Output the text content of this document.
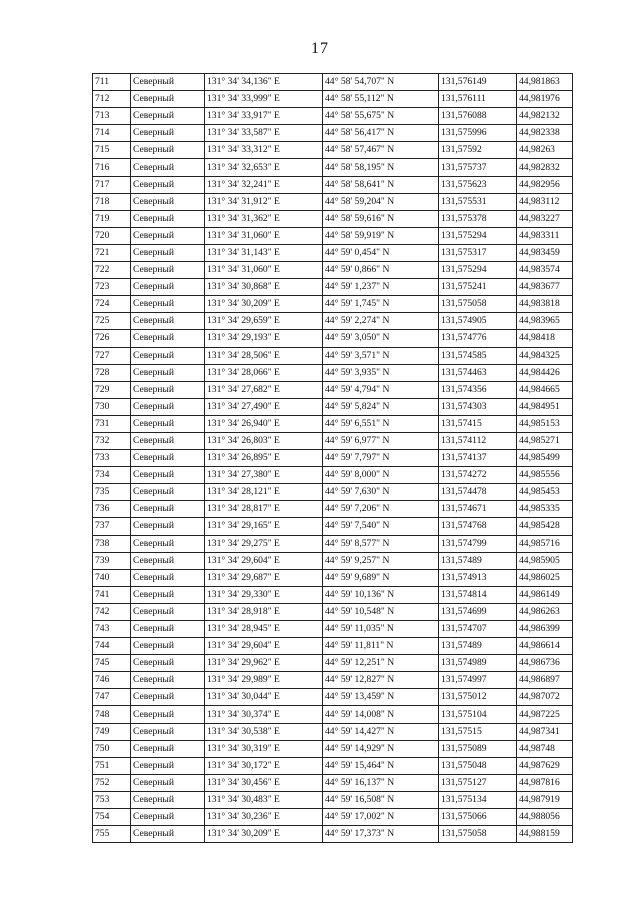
17
711	Северный	131° 34' 34,136" E	44° 58' 54,707" N	131,576149	44,981863
712	Северный	131° 34' 33,999" E	44° 58' 55,112" N	131,576111	44,981976
713	Северный	131° 34' 33,917" E	44° 58' 55,675" N	131,576088	44,982132
714	Северный	131° 34' 33,587" E	44° 58' 56,417" N	131,575996	44,982338
715	Северный	131° 34' 33,312" E	44° 58' 57,467" N	131,57592	44,98263
716	Северный	131° 34' 32,653" E	44° 58' 58,195" N	131,575737	44,982832
717	Северный	131° 34' 32,241" E	44° 58' 58,641" N	131,575623	44,982956
718	Северный	131° 34' 31,912" E	44° 58' 59,204" N	131,575531	44,983112
719	Северный	131° 34' 31,362" E	44° 58' 59,616" N	131,575378	44,983227
720	Северный	131° 34' 31,060" E	44° 58' 59,919" N	131,575294	44,983311
721	Северный	131° 34' 31,143" E	44° 59' 0,454" N	131,575317	44,983459
722	Северный	131° 34' 31,060" E	44° 59' 0,866" N	131,575294	44,983574
723	Северный	131° 34' 30,868" E	44° 59' 1,237" N	131,575241	44,983677
724	Северный	131° 34' 30,209" E	44° 59' 1,745" N	131,575058	44,983818
725	Северный	131° 34' 29,659" E	44° 59' 2,274" N	131,574905	44,983965
726	Северный	131° 34' 29,193" E	44° 59' 3,050" N	131,574776	44,98418
727	Северный	131° 34' 28,506" E	44° 59' 3,571" N	131,574585	44,984325
728	Северный	131° 34' 28,066" E	44° 59' 3,935" N	131,574463	44,984426
729	Северный	131° 34' 27,682" E	44° 59' 4,794" N	131,574356	44,984665
730	Северный	131° 34' 27,490" E	44° 59' 5,824" N	131,574303	44,984951
731	Северный	131° 34' 26,940" E	44° 59' 6,551" N	131,57415	44,985153
732	Северный	131° 34' 26,803" E	44° 59' 6,977" N	131,574112	44,985271
733	Северный	131° 34' 26,895" E	44° 59' 7,797" N	131,574137	44,985499
734	Северный	131° 34' 27,380" E	44° 59' 8,000" N	131,574272	44,985556
735	Северный	131° 34' 28,121" E	44° 59' 7,630" N	131,574478	44,985453
736	Северный	131° 34' 28,817" E	44° 59' 7,206" N	131,574671	44,985335
737	Северный	131° 34' 29,165" E	44° 59' 7,540" N	131,574768	44,985428
738	Северный	131° 34' 29,275" E	44° 59' 8,577" N	131,574799	44,985716
739	Северный	131° 34' 29,604" E	44° 59' 9,257" N	131,57489	44,985905
740	Северный	131° 34' 29,687" E	44° 59' 9,689" N	131,574913	44,986025
741	Северный	131° 34' 29,330" E	44° 59' 10,136" N	131,574814	44,986149
742	Северный	131° 34' 28,918" E	44° 59' 10,548" N	131,574699	44,986263
743	Северный	131° 34' 28,945" E	44° 59' 11,035" N	131,574707	44,986399
744	Северный	131° 34' 29,604" E	44° 59' 11,811" N	131,57489	44,986614
745	Северный	131° 34' 29,962" E	44° 59' 12,251" N	131,574989	44,986736
746	Северный	131° 34' 29,989" E	44° 59' 12,827" N	131,574997	44,986897
747	Северный	131° 34' 30,044" E	44° 59' 13,459" N	131,575012	44,987072
748	Северный	131° 34' 30,374" E	44° 59' 14,008" N	131,575104	44,987225
749	Северный	131° 34' 30,538" E	44° 59' 14,427" N	131,57515	44,987341
750	Северный	131° 34' 30,319" E	44° 59' 14,929" N	131,575089	44,98748
751	Северный	131° 34' 30,172" E	44° 59' 15,464" N	131,575048	44,987629
752	Северный	131° 34' 30,456" E	44° 59' 16,137" N	131,575127	44,987816
753	Северный	131° 34' 30,483" E	44° 59' 16,508" N	131,575134	44,987919
754	Северный	131° 34' 30,236" E	44° 59' 17,002" N	131,575066	44,988056
755	Северный	131° 34' 30,209" E	44° 59' 17,373" N	131,575058	44,988159
